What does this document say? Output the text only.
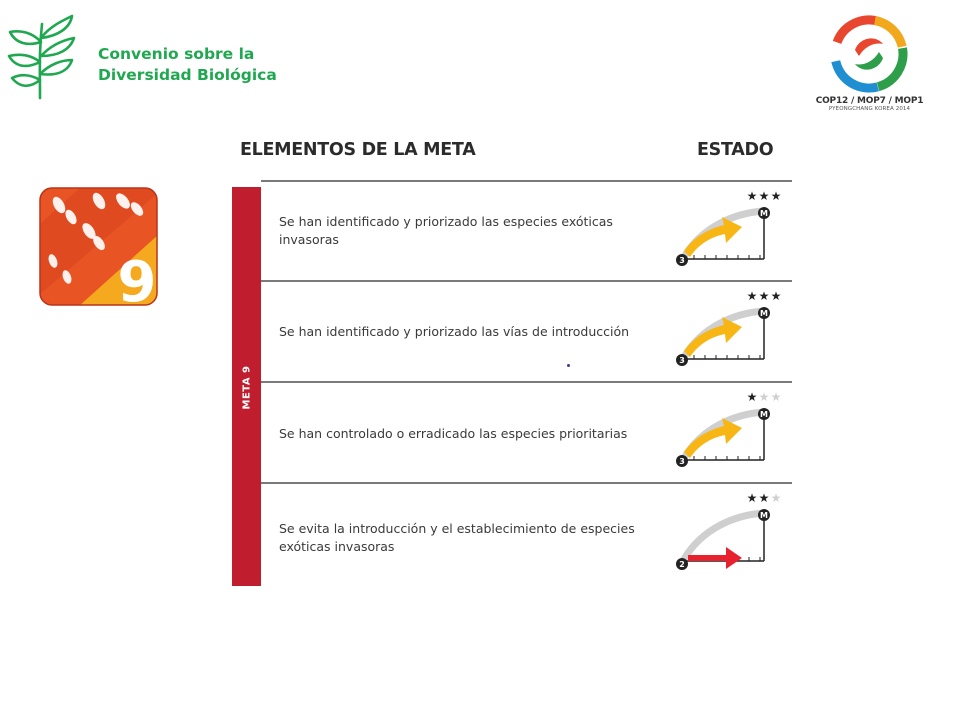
Convenio sobre la
Diversidad Biológica
COP12 / MOP7 / MOP1
PYEONGCHANG KOREA 2014
9
ELEMENTOS DE LA META	ESTADO
META 9
Se han identificado y priorizado las especies exóticas
invasoras
Se han identificado y priorizado las vías de introducción
Se han controlado o erradicado las especies prioritarias
Se evita la introducción y el establecimiento de especies
exóticas invasoras
★ ★ ★
M
3
★ ★ ★
M
3
★ ★ ★
M
3
★ ★ ★
M
2
